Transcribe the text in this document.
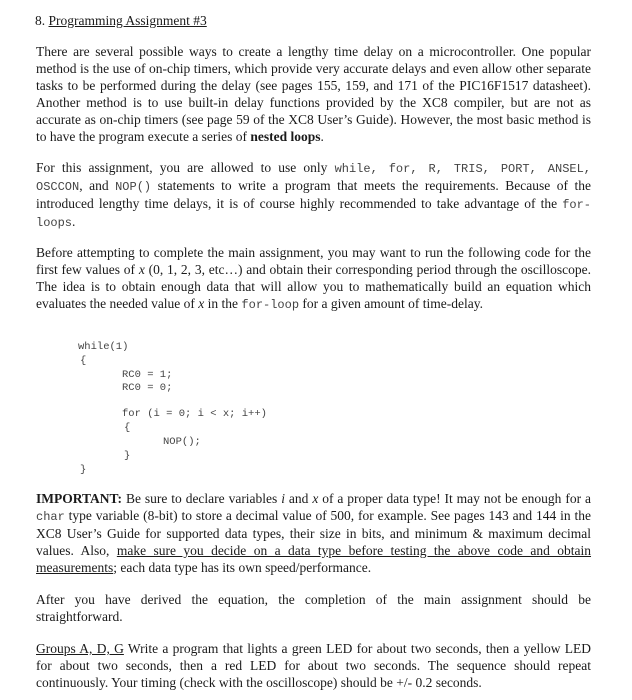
8. Programming Assignment #3
There are several possible ways to create a lengthy time delay on a microcontroller. One popular method is the use of on-chip timers, which provide very accurate delays and even allow other separate tasks to be performed during the delay (see pages 155, 159, and 171 of the PIC16F1517 datasheet). Another method is to use built-in delay functions provided by the XC8 compiler, but are not as accurate as on-chip timers (see page 59 of the XC8 User’s Guide). However, the most basic method is to have the program execute a series of nested loops.
For this assignment, you are allowed to use only while, for, R, TRIS, PORT, ANSEL, OSCCON, and NOP() statements to write a program that meets the requirements. Because of the introduced lengthy time delays, it is of course highly recommended to take advantage of the for-loops.
Before attempting to complete the main assignment, you may want to run the following code for the first few values of x (0, 1, 2, 3, etc…) and obtain their corresponding period through the oscilloscope. The idea is to obtain enough data that will allow you to mathematically build an equation which evaluates the needed value of x in the for-loop for a given amount of time-delay.
while(1)
{
RC0 = 1;
RC0 = 0;
for (i = 0; i < x; i++)
{
NOP();
}
}
IMPORTANT: Be sure to declare variables i and x of a proper data type! It may not be enough for a char type variable (8-bit) to store a decimal value of 500, for example. See pages 143 and 144 in the XC8 User’s Guide for supported data types, their size in bits, and minimum & maximum decimal values. Also, make sure you decide on a data type before testing the above code and obtain measurements; each data type has its own speed/performance.
After you have derived the equation, the completion of the main assignment should be straightforward.
Groups A, D, G Write a program that lights a green LED for about two seconds, then a yellow LED for about two seconds, then a red LED for about two seconds. The sequence should repeat continuously. Your timing (check with the oscilloscope) should be +/- 0.2 seconds.
